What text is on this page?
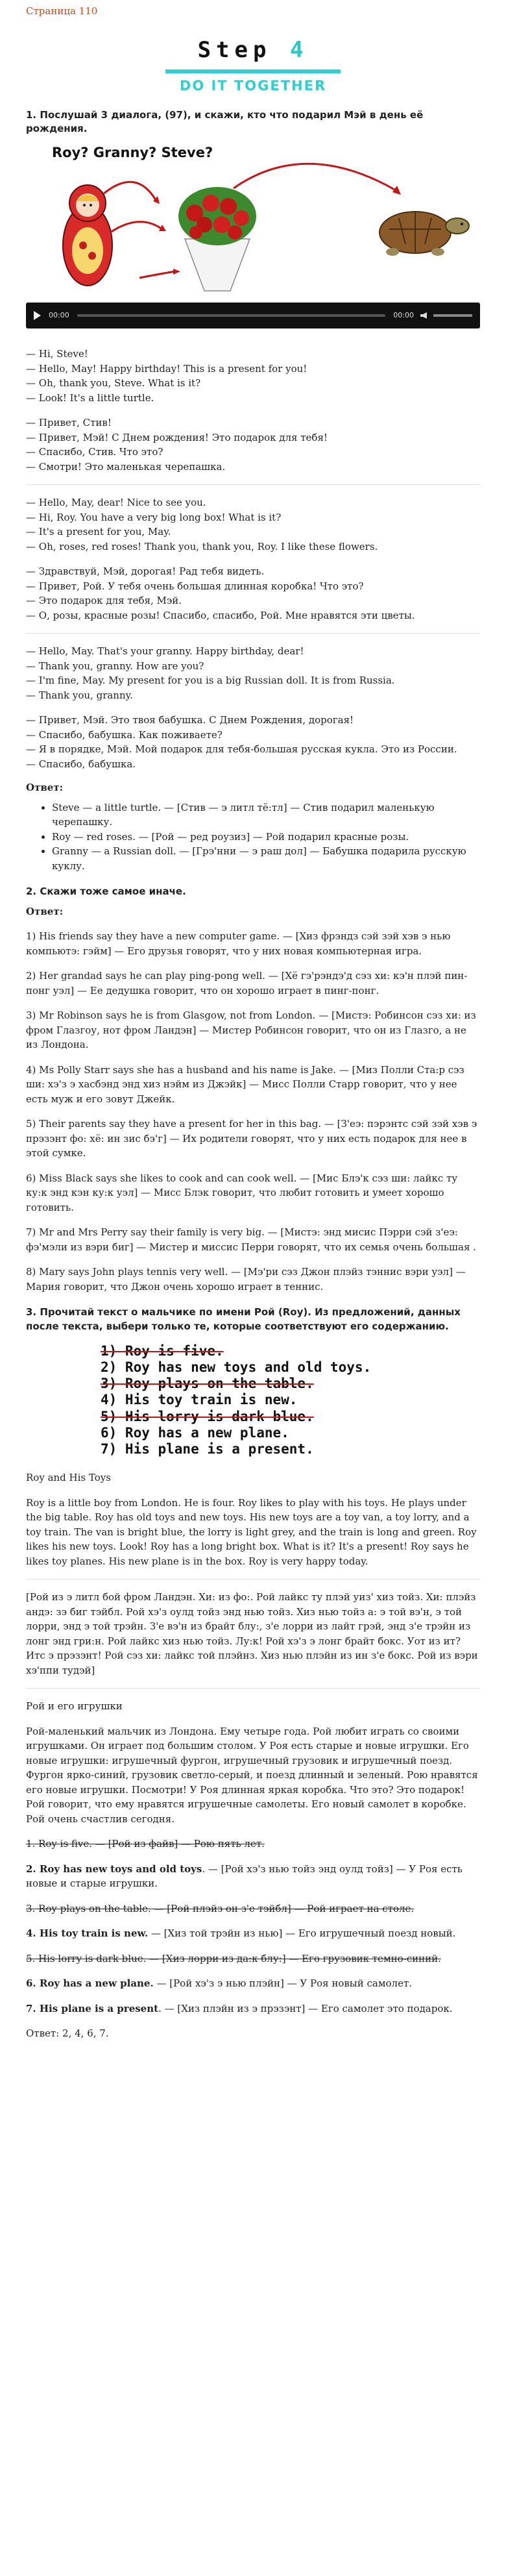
Страница 110
Step 4
DO IT TOGETHER
1. Послушай 3 диалога, (97), и скажи, кто что подарил Мэй в день её рождения.
Roy? Granny? Steve?
00:00	00:00

— Hi, Steve!

— Hello, May! Happy birthday! This is a present for you!

— Oh, thank you, Steve. What is it?

— Look! It's a little turtle.

— Привет, Стив!

— Привет, Мэй! С Днем рождения! Это подарок для тебя!

— Спасибо, Стив. Что это?

— Смотри! Это маленькая черепашка.

— Hello, May, dear! Nice to see you.

— Hi, Roy. You have a very big long box! What is it?

— It's a present for you, May.

— Oh, roses, red roses! Thank you, thank you, Roy. I like these flowers.

— Здравствуй, Мэй, дорогая! Рад тебя видеть.

— Привет, Рой. У тебя очень большая длинная коробка! Что это?

— Это подарок для тебя, Мэй.

— О, розы, красные розы! Спасибо, спасибо, Рой. Мне нравятся эти цветы.

— Hello, May. That's your granny. Happy birthday, dear!

— Thank you, granny. How are you?

— I'm fine, May. My present for you is a big Russian doll. It is from Russia.

— Thank you, granny.

— Привет, Мэй. Это твоя бабушка. С Днем Рождения, дорогая!

— Спасибо, бабушка. Как поживаете?

— Я в порядке, Мэй. Мой подарок для тебя-большая русская кукла. Это из России.

— Спасибо, бабушка.

Ответ:
• Steve — a little turtle. — [Стив — э литл тё:тл] — Стив подарил маленькую черепашку.
• Roy — red roses. — [Рой — ред роузиз] — Рой подарил красные розы.
• Granny — a Russian doll. — [Грэ'нни — э раш дол] — Бабушка подарила русскую куклу.
2. Скажи тоже самое иначе.
Ответ:

1) His friends say they have a new computer game. — [Хиз фрэндз сэй зэй хэв э нью компьютэ: гэйм] — Его друзья говорят, что у них новая компьютерная игра.

2) Her grandad says he can play ping-pong well. — [Хё гэ'рэндэ'д сэз хи: кэ'н плэй пин-понг уэл] — Ее дедушка говорит, что он хорошо играет в пинг-понг.

3) Mr Robinson says he is from Glasgow, not from London. — [Мистэ: Робинсон сэз хи: из фром Глазгоу, нот фром Ландэн] — Мистер Робинсон говорит, что он из Глазго, а не из Лондона.

4) Ms Polly Starr says she has a husband and his name is Jake. — [Миз Полли Ста:р сэз ши: хэ'з э хасбэнд энд хиз нэйм из Джэйк] — Мисс Полли Старр говорит, что у нее есть муж и его зовут Джейк.

5) Their parents say they have a present for her in this bag. — [З'еэ: пэрэнтс сэй зэй хэв э прэзэнт фо: хё: ин зис бэ'г] — Их родители говорят, что у них есть подарок для нее в этой сумке.

6) Miss Black says she likes to cook and can cook well. — [Мис Блэ'к сэз ши: лайкс ту ку:к энд кэн ку:к уэл] — Мисс Блэк говорит, что любит готовить и умеет хорошо готовить.

7) Mr and Mrs Perry say their family is very big. — [Мистэ: энд мисис Пэрри сэй з'еэ: фэ'мэли из вэри биг] — Мистер и миссис Перри говорят, что их семья очень большая .

8) Mary says John plays tennis very well. — [Мэ'ри сэз Джон плэйз тэннис вэри уэл] — Мария говорит, что Джон очень хорошо играет в теннис.

3. Прочитай текст о мальчике по имени Рой (Roy). Из предложений, данных после текста, выбери только те, которые соответствуют его содержанию.
1) Roy is five.
2) Roy has new toys and old toys.
3) Roy plays on the table.
4) His toy train is new.
5) His lorry is dark blue.
6) Roy has a new plane.
7) His plane is a present.

Roy and His Toys

Roy is a little boy from London. He is four. Roy likes to play with his toys. He plays under the big table. Roy has old toys and new toys. His new toys are a toy van, a toy lorry, and a toy train. The van is bright blue, the lorry is light grey, and the train is long and green. Roy likes his new toys. Look! Roy has a long bright box. What is it? It's a present! Roy says he likes toy planes. His new plane is in the box. Roy is very happy today.

[Рой из э литл бой фром Ландэн. Хи: из фо:. Рой лайкс ту плэй уиз' хиз тойз. Хи: плэйз андэ: зэ биг тэйбл. Рой хэ'з оулд тойз энд нью тойз. Хиз нью тойз а: э той вэ'н, э той лорри, энд э той трэйн. З'е вэ'н из брайт блу:, з'е лорри из лайт грэй, энд з'е трэйн из лонг энд гри:н. Рой лайкс хиз нью тойз. Лу:к! Рой хэ'з э лонг брайт бокс. Уот из ит? Итс э прэзэнт! Рой сэз хи: лайкс той плэйнз. Хиз нью плэйн из ин з'е бокс. Рой из вэри хэ'ппи тудэй]

Рой и его игрушки

Рой-маленький мальчик из Лондона. Ему четыре года. Рой любит играть со своими игрушками. Он играет под большим столом. У Роя есть старые и новые игрушки. Его новые игрушки: игрушечный фургон, игрушечный грузовик и игрушечный поезд. Фургон ярко-синий, грузовик светло-серый, и поезд длинный и зеленый. Рою нравятся его новые игрушки. Посмотри! У Роя длинная яркая коробка. Что это? Это подарок! Рой говорит, что ему нравятся игрушечные самолеты. Его новый самолет в коробке. Рой очень счастлив сегодня.

1. Roy is five. — [Рой из файв] — Рою пять лет.

2. Roy has new toys and old toys. — [Рой хэ'з нью тойз энд оулд тойз] — У Роя есть новые и старые игрушки.

3. Roy plays on the table. — [Рой плэйз он з'е тэйбл] — Рой играет на столе.

4. His toy train is new. — [Хиз той трэйн из нью] — Его игрушечный поезд новый.

5. His lorry is dark blue. — [Хиз лорри из да:к блу:] — Его грузовик темно-синий.

6. Roy has a new plane. — [Рой хэ'з э нью плэйн] — У Роя новый самолет.

7. His plane is a present. — [Хиз плэйн из э прэзэнт] — Его самолет это подарок.

Ответ: 2, 4, 6, 7.
